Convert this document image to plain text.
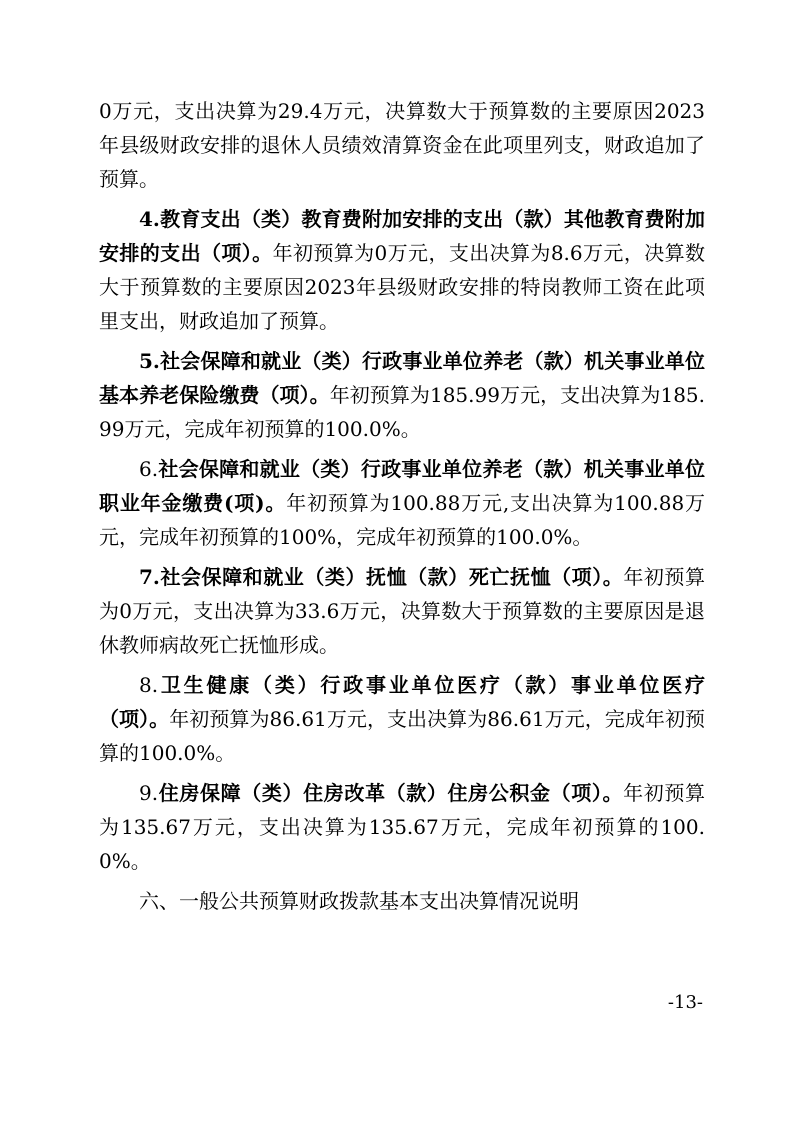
0万元，支出决算为29.4万元，决算数大于预算数的主要原因2023年县级财政安排的退休人员绩效清算资金在此项里列支，财政追加了预算。

4.教育支出（类）教育费附加安排的支出（款）其他教育费附加安排的支出（项）。年初预算为0万元，支出决算为8.6万元，决算数大于预算数的主要原因2023年县级财政安排的特岗教师工资在此项里支出，财政追加了预算。

5.社会保障和就业（类）行政事业单位养老（款）机关事业单位基本养老保险缴费（项）。年初预算为185.99万元，支出决算为185.99万元，完成年初预算的100.0%。

6.社会保障和就业（类）行政事业单位养老（款）机关事业单位职业年金缴费(项)。年初预算为100.88万元,支出决算为100.88万元，完成年初预算的100%，完成年初预算的100.0%。

7.社会保障和就业（类）抚恤（款）死亡抚恤（项）。年初预算为0万元，支出决算为33.6万元，决算数大于预算数的主要原因是退休教师病故死亡抚恤形成。

8.卫生健康（类）行政事业单位医疗（款）事业单位医疗（项）。年初预算为86.61万元，支出决算为86.61万元，完成年初预算的100.0%。

9.住房保障（类）住房改革（款）住房公积金（项）。年初预算为135.67万元，支出决算为135.67万元，完成年初预算的100.0%。

六、一般公共预算财政拨款基本支出决算情况说明

-13-
